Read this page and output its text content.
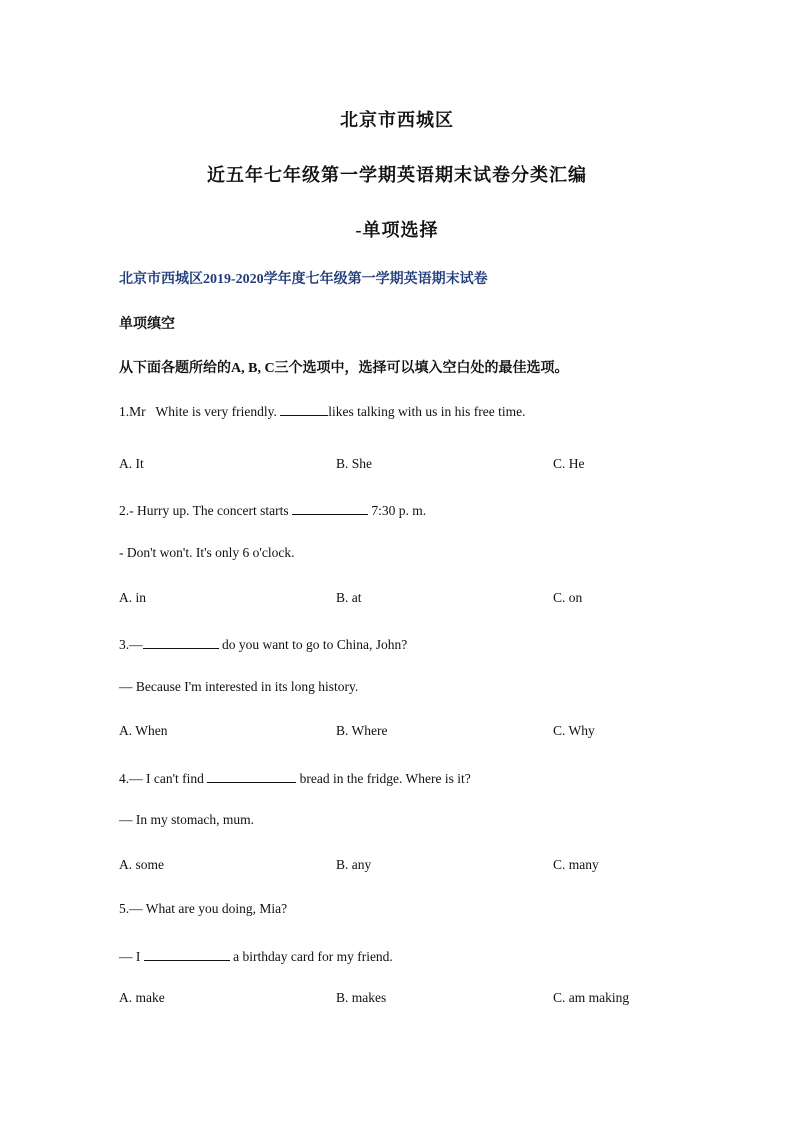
北京市西城区
近五年七年级第一学期英语期末试卷分类汇编
-单项选择
北京市西城区2019-2020学年度七年级第一学期英语期末试卷
单项缜空
从下面各题所给的A, B, C三个选项中，选择可以填入空白处的最佳选项。
1.Mr   White is very friendly.	likes talking with us in his free time.
A. It	B. She	C. He
2.- Hurry up. The concert starts	7:30 p. m.
- Don't won't. It's only 6 o'clock.
A. in	B. at	C. on
3.—	do you want to go to China, John?
— Because I'm interested in its long history.
A. When	B. Where	C. Why
4.— I can't find	bread in the fridge. Where is it?
— In my stomach, mum.
A. some	B. any	C. many
5.— What are you doing, Mia?
— I	a birthday card for my friend.
A. make	B. makes	C. am making
